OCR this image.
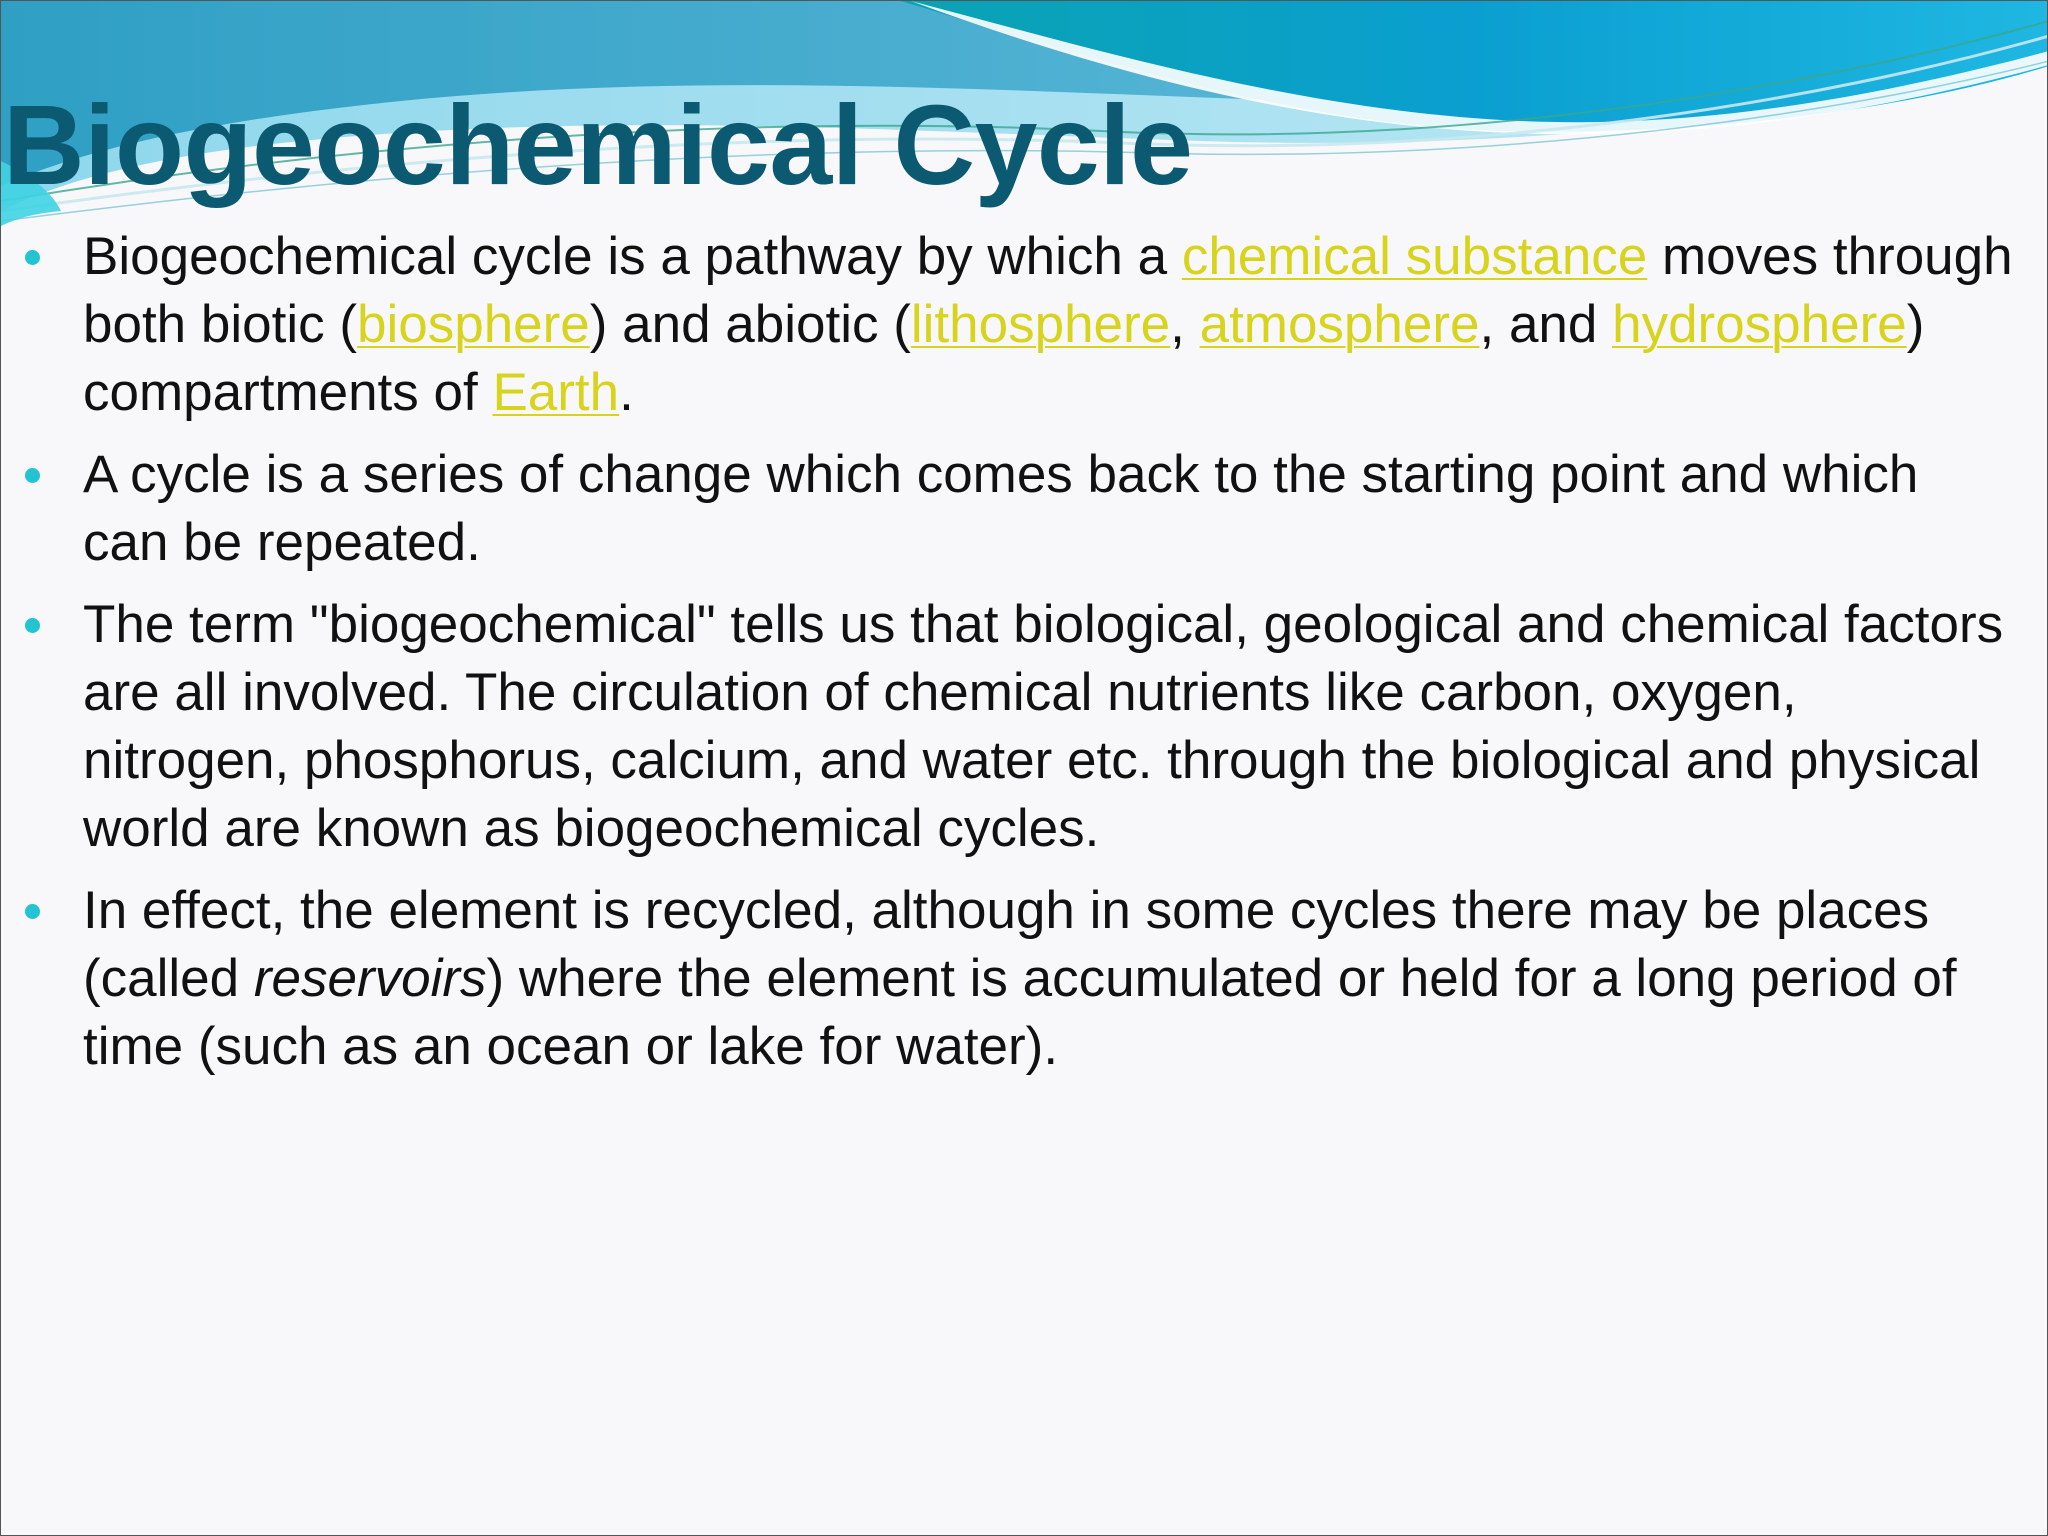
Biogeochemical Cycle
Biogeochemical cycle is a pathway by which a chemical substance moves through both biotic (biosphere) and abiotic (lithosphere, atmosphere, and hydrosphere) compartments of Earth.
A cycle is a series of change which comes back to the starting point and which can be repeated.
The term "biogeochemical" tells us that biological, geological and chemical factors are all involved. The circulation of chemical nutrients like carbon, oxygen, nitrogen, phosphorus, calcium, and water etc. through the biological and physical world are known as biogeochemical cycles.
In effect, the element is recycled, although in some cycles there may be places (called reservoirs) where the element is accumulated or held for a long period of time (such as an ocean or lake for water).
